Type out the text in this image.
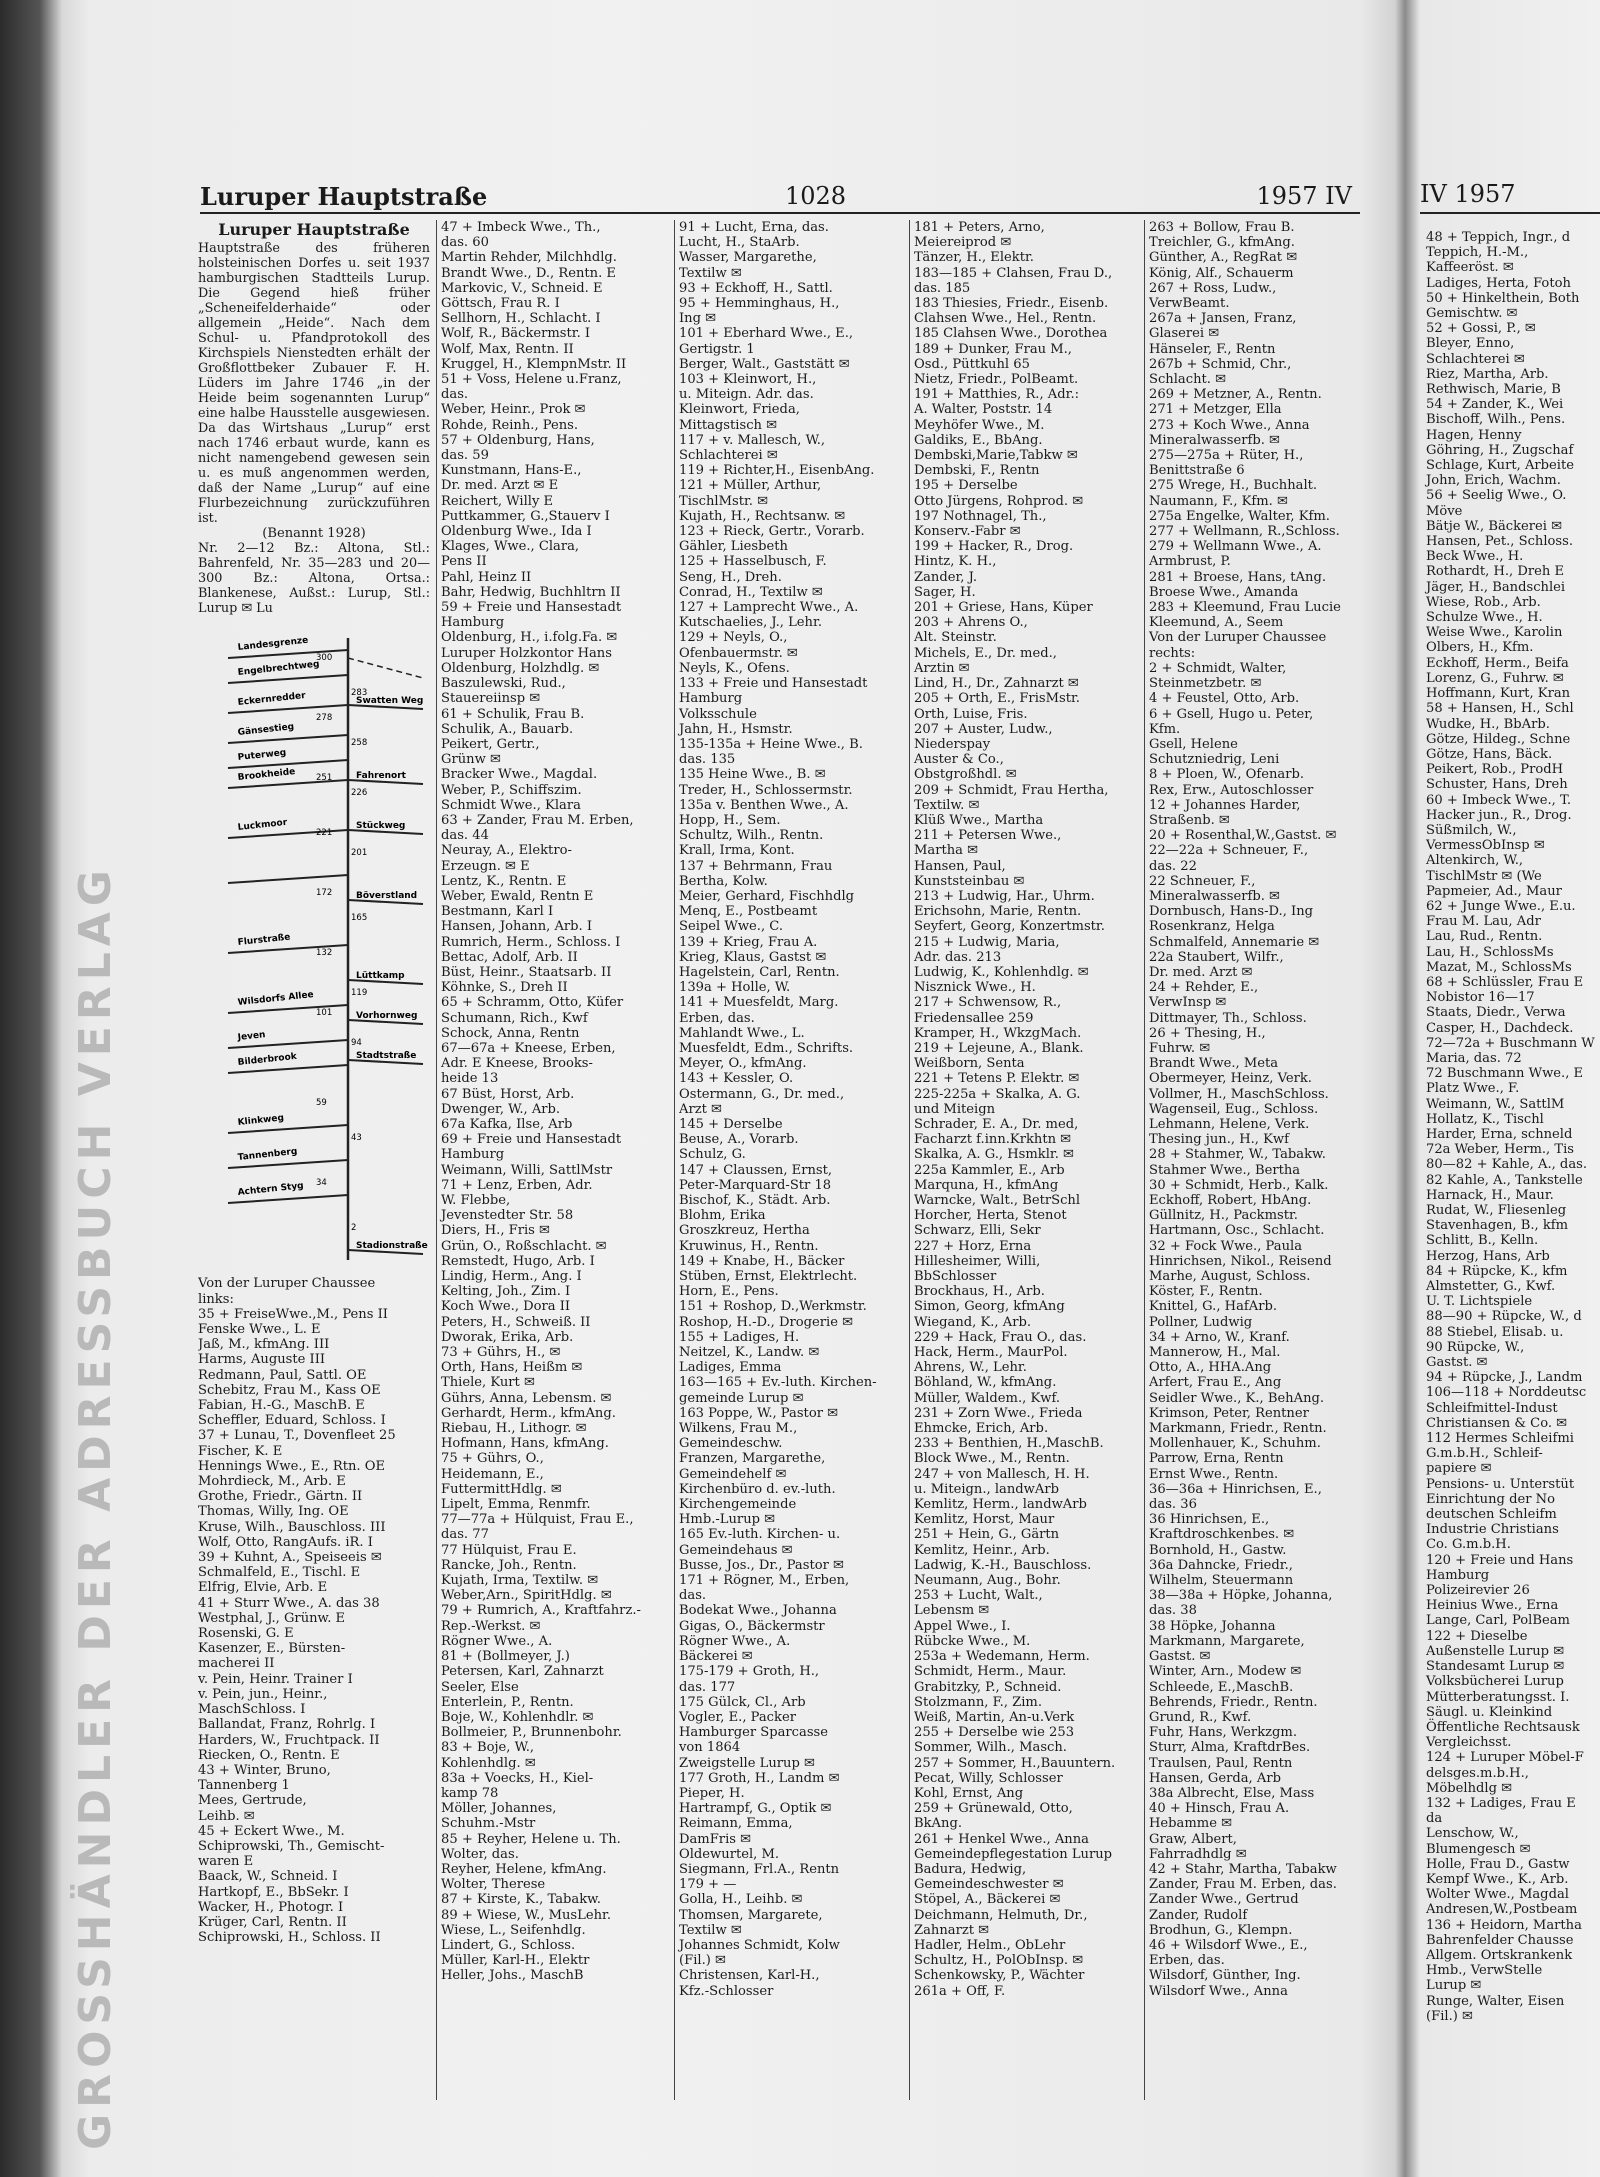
GROSSHÄNDLER DER ADRESSBUCH VERLAG
Luruper Hauptstraße	1028	1957 IV
Luruper Hauptstraße
Hauptstraße des früheren holsteinischen Dorfes u. seit 1937 hamburgischen Stadtteils Lurup. Die Gegend hieß früher „Scheneifelderhaide“ oder allgemein „Heide“. Nach dem Schul- u. Pfandprotokoll des Kirchspiels Nienstedten erhält der Großflottbeker Zubauer F. H. Lüders im Jahre 1746 „in der Heide beim sogenannten Lurup“ eine halbe Hausstelle ausgewiesen. Da das Wirtshaus „Lurup“ erst nach 1746 erbaut wurde, kann es nicht namengebend gewesen sein u. es muß angenommen werden, daß der Name „Lurup“ auf eine Flurbezeichnung zurückzuführen ist.
(Benannt 1928)
Nr. 2—12 Bz.: Altona, Stl.: Bahrenfeld, Nr. 35—283 und 20—300 Bz.: Altona, Ortsa.: Blankenese, Außst.: Lurup, Stl.: Lurup ✉ Lu
Landesgrenze
Engelbrechtweg
Eckernredder
Gänsestieg
Puterweg
Brookheide
Luckmoor
Swatten Weg
Fahrenort
Stückweg
Böverstland
Flurstraße
Lüttkamp
Wilsdorfs Allee
Jeven
Bilderbrook
Vorhornweg
Stadtstraße
Klinkweg
Tannenberg
Achtern Styg
Stadionstraße
300
283
278
258
251
226
221
201
172
165
132
119
101
94
59
43
34
2
Von der Luruper Chaussee
links:
35 + FreiseWwe.,M., Pens II
Fenske Wwe., L. E
Jaß, M., kfmAng. III
Harms, Auguste III
Redmann, Paul, Sattl. OE
Schebitz, Frau M., Kass OE
Fabian, H.-G., MaschB. E
Scheffler, Eduard, Schloss. I
37 + Lunau, T., Dovenfleet 25
Fischer, K. E
Hennings Wwe., E., Rtn. OE
Mohrdieck, M., Arb. E
Grothe, Friedr., Gärtn. II
Thomas, Willy, Ing. OE
Kruse, Wilh., Bauschloss. III
Wolf, Otto, RangAufs. iR. I
39 + Kuhnt, A., Speiseeis ✉
Schmalfeld, E., Tischl. E
Elfrig, Elvie, Arb. E
41 + Sturr Wwe., A. das 38
Westphal, J., Grünw. E
Rosenski, G. E
Kasenzer, E., Bürsten-
macherei II
v. Pein, Heinr. Trainer I
v. Pein, jun., Heinr.,
MaschSchloss. I
Ballandat, Franz, Rohrlg. I
Harders, W., Fruchtpack. II
Riecken, O., Rentn. E
43 + Winter, Bruno,
Tannenberg 1
Mees, Gertrude,
Leihb. ✉
45 + Eckert Wwe., M.
Schiprowski, Th., Gemischt-
waren E
Baack, W., Schneid. I
Hartkopf, E., BbSekr. I
Wacker, H., Photogr. I
Krüger, Carl, Rentn. II
Schiprowski, H., Schloss. II
47 + Imbeck Wwe., Th.,
das. 60
Martin Rehder, Milchhdlg.
Brandt Wwe., D., Rentn. E
Markovic, V., Schneid. E
Göttsch, Frau R. I
Sellhorn, H., Schlacht. I
Wolf, R., Bäckermstr. I
Wolf, Max, Rentn. II
Kruggel, H., KlempnMstr. II
51 + Voss, Helene u.Franz,
das.
Weber, Heinr., Prok ✉
Rohde, Reinh., Pens.
57 + Oldenburg, Hans,
das. 59
Kunstmann, Hans-E.,
Dr. med. Arzt ✉ E
Reichert, Willy E
Puttkammer, G.,Stauerv I
Oldenburg Wwe., Ida I
Klages, Wwe., Clara,
Pens II
Pahl, Heinz II
Bahr, Hedwig, Buchhltrn II
59 + Freie und Hansestadt
Hamburg
Oldenburg, H., i.folg.Fa. ✉
Luruper Holzkontor Hans
Oldenburg, Holzhdlg. ✉
Baszulewski, Rud.,
Stauereiinsp ✉
61 + Schulik, Frau B.
Schulik, A., Bauarb.
Peikert, Gertr.,
Grünw ✉
Bracker Wwe., Magdal.
Weber, P., Schiffszim.
Schmidt Wwe., Klara
63 + Zander, Frau M. Erben,
das. 44
Neuray, A., Elektro-
Erzeugn. ✉ E
Lentz, K., Rentn. E
Weber, Ewald, Rentn E
Bestmann, Karl I
Hansen, Johann, Arb. I
Rumrich, Herm., Schloss. I
Bettac, Adolf, Arb. II
Büst, Heinr., Staatsarb. II
Köhnke, S., Dreh II
65 + Schramm, Otto, Küfer
Schumann, Rich., Kwf
Schock, Anna, Rentn
67—67a + Kneese, Erben,
Adr. E Kneese, Brooks-
heide 13
67 Büst, Horst, Arb.
Dwenger, W., Arb.
67a Kafka, Ilse, Arb
69 + Freie und Hansestadt
Hamburg
Weimann, Willi, SattlMstr
71 + Lenz, Erben, Adr.
W. Flebbe,
Jevenstedter Str. 58
Diers, H., Fris ✉
Grün, O., Roßschlacht. ✉
Remstedt, Hugo, Arb. I
Lindig, Herm., Ang. I
Kelting, Joh., Zim. I
Koch Wwe., Dora II
Peters, H., Schweiß. II
Dworak, Erika, Arb.
73 + Gührs, H., ✉
Orth, Hans, Heißm ✉
Thiele, Kurt ✉
Gührs, Anna, Lebensm. ✉
Gerhardt, Herm., kfmAng.
Riebau, H., Lithogr. ✉
Hofmann, Hans, kfmAng.
75 + Gührs, O.,
Heidemann, E.,
FuttermittHdlg. ✉
Lipelt, Emma, Renmfr.
77—77a + Hülquist, Frau E.,
das. 77
77 Hülquist, Frau E.
Rancke, Joh., Rentn.
Kujath, Irma, Textilw. ✉
Weber,Arn., SpiritHdlg. ✉
79 + Rumrich, A., Kraftfahrz.-
Rep.-Werkst. ✉
Rögner Wwe., A.
81 + (Bollmeyer, J.)
Petersen, Karl, Zahnarzt
Seeler, Else
Enterlein, P., Rentn.
Boje, W., Kohlenhdlr. ✉
Bollmeier, P., Brunnenbohr.
83 + Boje, W.,
Kohlenhdlg. ✉
83a + Voecks, H., Kiel-
kamp 78
Möller, Johannes,
Schuhm.-Mstr
85 + Reyher, Helene u. Th.
Wolter, das.
Reyher, Helene, kfmAng.
Wolter, Therese
87 + Kirste, K., Tabakw.
89 + Wiese, W., MusLehr.
Wiese, L., Seifenhdlg.
Lindert, G., Schloss.
Müller, Karl-H., Elektr
Heller, Johs., MaschB
91 + Lucht, Erna, das.
Lucht, H., StaArb.
Wasser, Margarethe,
Textilw ✉
93 + Eckhoff, H., Sattl.
95 + Hemminghaus, H.,
Ing ✉
101 + Eberhard Wwe., E.,
Gertigstr. 1
Berger, Walt., Gaststätt ✉
103 + Kleinwort, H.,
u. Miteign. Adr. das.
Kleinwort, Frieda,
Mittagstisch ✉
117 + v. Mallesch, W.,
Schlachterei ✉
119 + Richter,H., EisenbAng.
121 + Müller, Arthur,
TischlMstr. ✉
Kujath, H., Rechtsanw. ✉
123 + Rieck, Gertr., Vorarb.
Gähler, Liesbeth
125 + Hasselbusch, F.
Seng, H., Dreh.
Conrad, H., Textilw ✉
127 + Lamprecht Wwe., A.
Kutschaelies, J., Lehr.
129 + Neyls, O.,
Ofenbauermstr. ✉
Neyls, K., Ofens.
133 + Freie und Hansestadt
Hamburg
Volksschule
Jahn, H., Hsmstr.
135-135a + Heine Wwe., B.
das. 135
135 Heine Wwe., B. ✉
Treder, H., Schlossermstr.
135a v. Benthen Wwe., A.
Hopp, H., Sem.
Schultz, Wilh., Rentn.
Krall, Irma, Kont.
137 + Behrmann, Frau
Bertha, Kolw.
Meier, Gerhard, Fischhdlg
Menq, E., Postbeamt
Seipel Wwe., C.
139 + Krieg, Frau A.
Krieg, Klaus, Gastst ✉
Hagelstein, Carl, Rentn.
139a + Holle, W.
141 + Muesfeldt, Marg.
Erben, das.
Mahlandt Wwe., L.
Muesfeldt, Edm., Schrifts.
Meyer, O., kfmAng.
143 + Kessler, O.
Ostermann, G., Dr. med.,
Arzt ✉
145 + Derselbe
Beuse, A., Vorarb.
Schulz, G.
147 + Claussen, Ernst,
Peter-Marquard-Str 18
Bischof, K., Städt. Arb.
Blohm, Erika
Groszkreuz, Hertha
Kruwinus, H., Rentn.
149 + Knabe, H., Bäcker
Stüben, Ernst, Elektrlecht.
Horn, E., Pens.
151 + Roshop, D.,Werkmstr.
Roshop, H.-D., Drogerie ✉
155 + Ladiges, H.
Neitzel, K., Landw. ✉
Ladiges, Emma
163—165 + Ev.-luth. Kirchen-
gemeinde Lurup ✉
163 Poppe, W., Pastor ✉
Wilkens, Frau M.,
Gemeindeschw.
Franzen, Margarethe,
Gemeindehelf ✉
Kirchenbüro d. ev.-luth.
Kirchengemeinde
Hmb.-Lurup ✉
165 Ev.-luth. Kirchen- u.
Gemeindehaus ✉
Busse, Jos., Dr., Pastor ✉
171 + Rögner, M., Erben,
das.
Bodekat Wwe., Johanna
Gigas, O., Bäckermstr
Rögner Wwe., A.
Bäckerei ✉
175-179 + Groth, H.,
das. 177
175 Gülck, Cl., Arb
Vogler, E., Packer
Hamburger Sparcasse
von 1864
Zweigstelle Lurup ✉
177 Groth, H., Landm ✉
Pieper, H.
Hartrampf, G., Optik ✉
Reimann, Emma,
DamFris ✉
Oldewurtel, M.
Siegmann, Frl.A., Rentn
179 + —
Golla, H., Leihb. ✉
Thomsen, Margarete,
Textilw ✉
Johannes Schmidt, Kolw
(Fil.) ✉
Christensen, Karl-H.,
Kfz.-Schlosser
181 + Peters, Arno,
Meiereiprod ✉
Tänzer, H., Elektr.
183—185 + Clahsen, Frau D.,
das. 185
183 Thiesies, Friedr., Eisenb.
Clahsen Wwe., Hel., Rentn.
185 Clahsen Wwe., Dorothea
189 + Dunker, Frau M.,
Osd., Püttkuhl 65
Nietz, Friedr., PolBeamt.
191 + Matthies, R., Adr.:
A. Walter, Poststr. 14
Meyhöfer Wwe., M.
Galdiks, E., BbAng.
Dembski,Marie,Tabkw ✉
Dembski, F., Rentn
195 + Derselbe
Otto Jürgens, Rohprod. ✉
197 Nothnagel, Th.,
Konserv.-Fabr ✉
199 + Hacker, R., Drog.
Hintz, K. H.,
Zander, J.
Sager, H.
201 + Griese, Hans, Küper
203 + Ahrens O.,
Alt. Steinstr.
Michels, E., Dr. med.,
Arztin ✉
Lind, H., Dr., Zahnarzt ✉
205 + Orth, E., FrisMstr.
Orth, Luise, Fris.
207 + Auster, Ludw.,
Niederspay
Auster & Co.,
Obstgroßhdl. ✉
209 + Schmidt, Frau Hertha,
Textilw. ✉
Klüß Wwe., Martha
211 + Petersen Wwe.,
Martha ✉
Hansen, Paul,
Kunststeinbau ✉
213 + Ludwig, Har., Uhrm.
Erichsohn, Marie, Rentn.
Seyfert, Georg, Konzertmstr.
215 + Ludwig, Maria,
Adr. das. 213
Ludwig, K., Kohlenhdlg. ✉
Nisznick Wwe., H.
217 + Schwensow, R.,
Friedensallee 259
Kramper, H., WkzgMach.
219 + Lejeune, A., Blank.
Weißborn, Senta
221 + Tetens P. Elektr. ✉
225-225a + Skalka, A. G.
und Miteign
Schrader, E. A., Dr. med,
Facharzt f.inn.Krkhtn ✉
Skalka, A. G., Hsmklr. ✉
225a Kammler, E., Arb
Marquna, H., kfmAng
Warncke, Walt., BetrSchl
Horcher, Herta, Stenot
Schwarz, Elli, Sekr
227 + Horz, Erna
Hillesheimer, Willi,
BbSchlosser
Brockhaus, H., Arb.
Simon, Georg, kfmAng
Wiegand, K., Arb.
229 + Hack, Frau O., das.
Hack, Herm., MaurPol.
Ahrens, W., Lehr.
Böhland, W., kfmAng.
Müller, Waldem., Kwf.
231 + Zorn Wwe., Frieda
Ehmcke, Erich, Arb.
233 + Benthien, H.,MaschB.
Block Wwe., M., Rentn.
247 + von Mallesch, H. H.
u. Miteign., landwArb
Kemlitz, Herm., landwArb
Kemlitz, Horst, Maur
251 + Hein, G., Gärtn
Kemlitz, Heinr., Arb.
Ladwig, K.-H., Bauschloss.
Neumann, Aug., Bohr.
253 + Lucht, Walt.,
Lebensm ✉
Appel Wwe., I.
Rübcke Wwe., M.
253a + Wedemann, Herm.
Schmidt, Herm., Maur.
Grabitzky, P., Schneid.
Stolzmann, F., Zim.
Weiß, Martin, An-u.Verk
255 + Derselbe wie 253
Sommer, Wilh., Masch.
257 + Sommer, H.,Bauuntern.
Pecat, Willy, Schlosser
Kohl, Ernst, Ang
259 + Grünewald, Otto,
BkAng.
261 + Henkel Wwe., Anna
Gemeindepflegestation Lurup
Badura, Hedwig,
Gemeindeschwester ✉
Stöpel, A., Bäckerei ✉
Deichmann, Helmuth, Dr.,
Zahnarzt ✉
Hadler, Helm., ObLehr
Schultz, H., PolObInsp. ✉
Schenkowsky, P., Wächter
261a + Off, F.
263 + Bollow, Frau B.
Treichler, G., kfmAng.
Günther, A., RegRat ✉
König, Alf., Schauerm
267 + Ross, Ludw.,
VerwBeamt.
267a + Jansen, Franz,
Glaserei ✉
Hänseler, F., Rentn
267b + Schmid, Chr.,
Schlacht. ✉
269 + Metzner, A., Rentn.
271 + Metzger, Ella
273 + Koch Wwe., Anna
Mineralwasserfb. ✉
275—275a + Rüter, H.,
Benittstraße 6
275 Wrege, H., Buchhalt.
Naumann, F., Kfm. ✉
275a Engelke, Walter, Kfm.
277 + Wellmann, R.,Schloss.
279 + Wellmann Wwe., A.
Armbrust, P.
281 + Broese, Hans, tAng.
Broese Wwe., Amanda
283 + Kleemund, Frau Lucie
Kleemund, A., Seem
Von der Luruper Chaussee
rechts:
2 + Schmidt, Walter,
Steinmetzbetr. ✉
4 + Feustel, Otto, Arb.
6 + Gsell, Hugo u. Peter,
Kfm.
Gsell, Helene
Schutzniedrig, Leni
8 + Ploen, W., Ofenarb.
Rex, Erw., Autoschlosser
12 + Johannes Harder,
Straßenb. ✉
20 + Rosenthal,W.,Gastst. ✉
22—22a + Schneuer, F.,
das. 22
22 Schneuer, F.,
Mineralwasserfb. ✉
Dornbusch, Hans-D., Ing
Rosenkranz, Helga
Schmalfeld, Annemarie ✉
22a Staubert, Wilfr.,
Dr. med. Arzt ✉
24 + Rehder, E.,
VerwInsp ✉
Dittmayer, Th., Schloss.
26 + Thesing, H.,
Fuhrw. ✉
Brandt Wwe., Meta
Obermeyer, Heinz, Verk.
Vollmer, H., MaschSchloss.
Wagenseil, Eug., Schloss.
Lehmann, Helene, Verk.
Thesing jun., H., Kwf
28 + Stahmer, W., Tabakw.
Stahmer Wwe., Bertha
30 + Schmidt, Herb., Kalk.
Eckhoff, Robert, HbAng.
Güllnitz, H., Packmstr.
Hartmann, Osc., Schlacht.
32 + Fock Wwe., Paula
Hinrichsen, Nikol., Reisend
Marhe, August, Schloss.
Köster, F., Rentn.
Knittel, G., HafArb.
Pollner, Ludwig
34 + Arno, W., Kranf.
Mannerow, H., Mal.
Otto, A., HHA.Ang
Arfert, Frau E., Ang
Seidler Wwe., K., BehAng.
Krimson, Peter, Rentner
Markmann, Friedr., Rentn.
Mollenhauer, K., Schuhm.
Parrow, Erna, Rentn
Ernst Wwe., Rentn.
36—36a + Hinrichsen, E.,
das. 36
36 Hinrichsen, E.,
Kraftdroschkenbes. ✉
Bornhold, H., Gastw.
36a Dahncke, Friedr.,
Wilhelm, Steuermann
38—38a + Höpke, Johanna,
das. 38
38 Höpke, Johanna
Markmann, Margarete,
Gastst. ✉
Winter, Arn., Modew ✉
Schleede, E.,MaschB.
Behrends, Friedr., Rentn.
Grund, R., Kwf.
Fuhr, Hans, Werkzgm.
Sturr, Alma, KraftdrBes.
Traulsen, Paul, Rentn
Hansen, Gerda, Arb
38a Albrecht, Else, Mass
40 + Hinsch, Frau A.
Hebamme ✉
Graw, Albert,
Fahrradhdlg ✉
42 + Stahr, Martha, Tabakw
Zander, Frau M. Erben, das.
Zander Wwe., Gertrud
Zander, Rudolf
Brodhun, G., Klempn.
46 + Wilsdorf Wwe., E.,
Erben, das.
Wilsdorf, Günther, Ing.
Wilsdorf Wwe., Anna
IV 1957
48 + Teppich, Ingr., d
Teppich, H.-M.,
Kaffeeröst. ✉
Ladiges, Herta, Fotoh
50 + Hinkelthein, Both
Gemischtw. ✉
52 + Gossi, P., ✉
Bleyer, Enno,
Schlachterei ✉
Riez, Martha, Arb.
Rethwisch, Marie, B
54 + Zander, K., Wei
Bischoff, Wilh., Pens.
Hagen, Henny
Göhring, H., Zugschaf
Schlage, Kurt, Arbeite
John, Erich, Wachm.
56 + Seelig Wwe., O.
Möve
Bätje W., Bäckerei ✉
Hansen, Pet., Schloss.
Beck Wwe., H.
Rothardt, H., Dreh E
Jäger, H., Bandschlei
Wiese, Rob., Arb.
Schulze Wwe., H.
Weise Wwe., Karolin
Olbers, H., Kfm.
Eckhoff, Herm., Beifa
Lorenz, G., Fuhrw. ✉
Hoffmann, Kurt, Kran
58 + Hansen, H., Schl
Wudke, H., BbArb.
Götze, Hildeg., Schne
Götze, Hans, Bäck.
Peikert, Rob., ProdH
Schuster, Hans, Dreh
60 + Imbeck Wwe., T.
Hacker jun., R., Drog.
Süßmilch, W.,
VermessObInsp ✉
Altenkirch, W.,
TischlMstr ✉ (We
Papmeier, Ad., Maur
62 + Junge Wwe., E.u.
Frau M. Lau, Adr
Lau, Rud., Rentn.
Lau, H., SchlossMs
Mazat, M., SchlossMs
68 + Schlüssler, Frau E
Nobistor 16—17
Staats, Diedr., Verwa
Casper, H., Dachdeck.
72—72a + Buschmann W
Maria, das. 72
72 Buschmann Wwe., E
Platz Wwe., F.
Weimann, W., SattlM
Hollatz, K., Tischl
Harder, Erna, schneld
72a Weber, Herm., Tis
80—82 + Kahle, A., das.
82 Kahle, A., Tankstelle
Harnack, H., Maur.
Rudat, W., Fliesenleg
Stavenhagen, B., kfm
Schlitt, B., Kelln.
Herzog, Hans, Arb
84 + Rüpcke, K., kfm
Almstetter, G., Kwf.
U. T. Lichtspiele
88—90 + Rüpcke, W., d
88 Stiebel, Elisab. u.
90 Rüpcke, W.,
Gastst. ✉
94 + Rüpcke, J., Landm
106—118 + Norddeutsc
Schleifmittel-Indust
Christiansen & Co. ✉
112 Hermes Schleifmi
G.m.b.H., Schleif-
papiere ✉
Pensions- u. Unterstüt
Einrichtung der No
deutschen Schleifm
Industrie Christians
Co. G.m.b.H.
120 + Freie und Hans
Hamburg
Polizeirevier 26
Heinius Wwe., Erna
Lange, Carl, PolBeam
122 + Dieselbe
Außenstelle Lurup ✉
Standesamt Lurup ✉
Volksbücherei Lurup
Mütterberatungsst. I.
Säugl. u. Kleinkind
Öffentliche Rechtsausk
Vergleichsst.
124 + Luruper Möbel-F
delsges.m.b.H.,
Möbelhdlg ✉
132 + Ladiges, Frau E
da
Lenschow, W.,
Blumengesch ✉
Holle, Frau D., Gastw
Kempf Wwe., K., Arb.
Wolter Wwe., Magdal
Andresen,W.,Postbeam
136 + Heidorn, Martha
Bahrenfelder Chausse
Allgem. Ortskrankenk
Hmb., VerwStelle
Lurup ✉
Runge, Walter, Eisen
(Fil.) ✉
